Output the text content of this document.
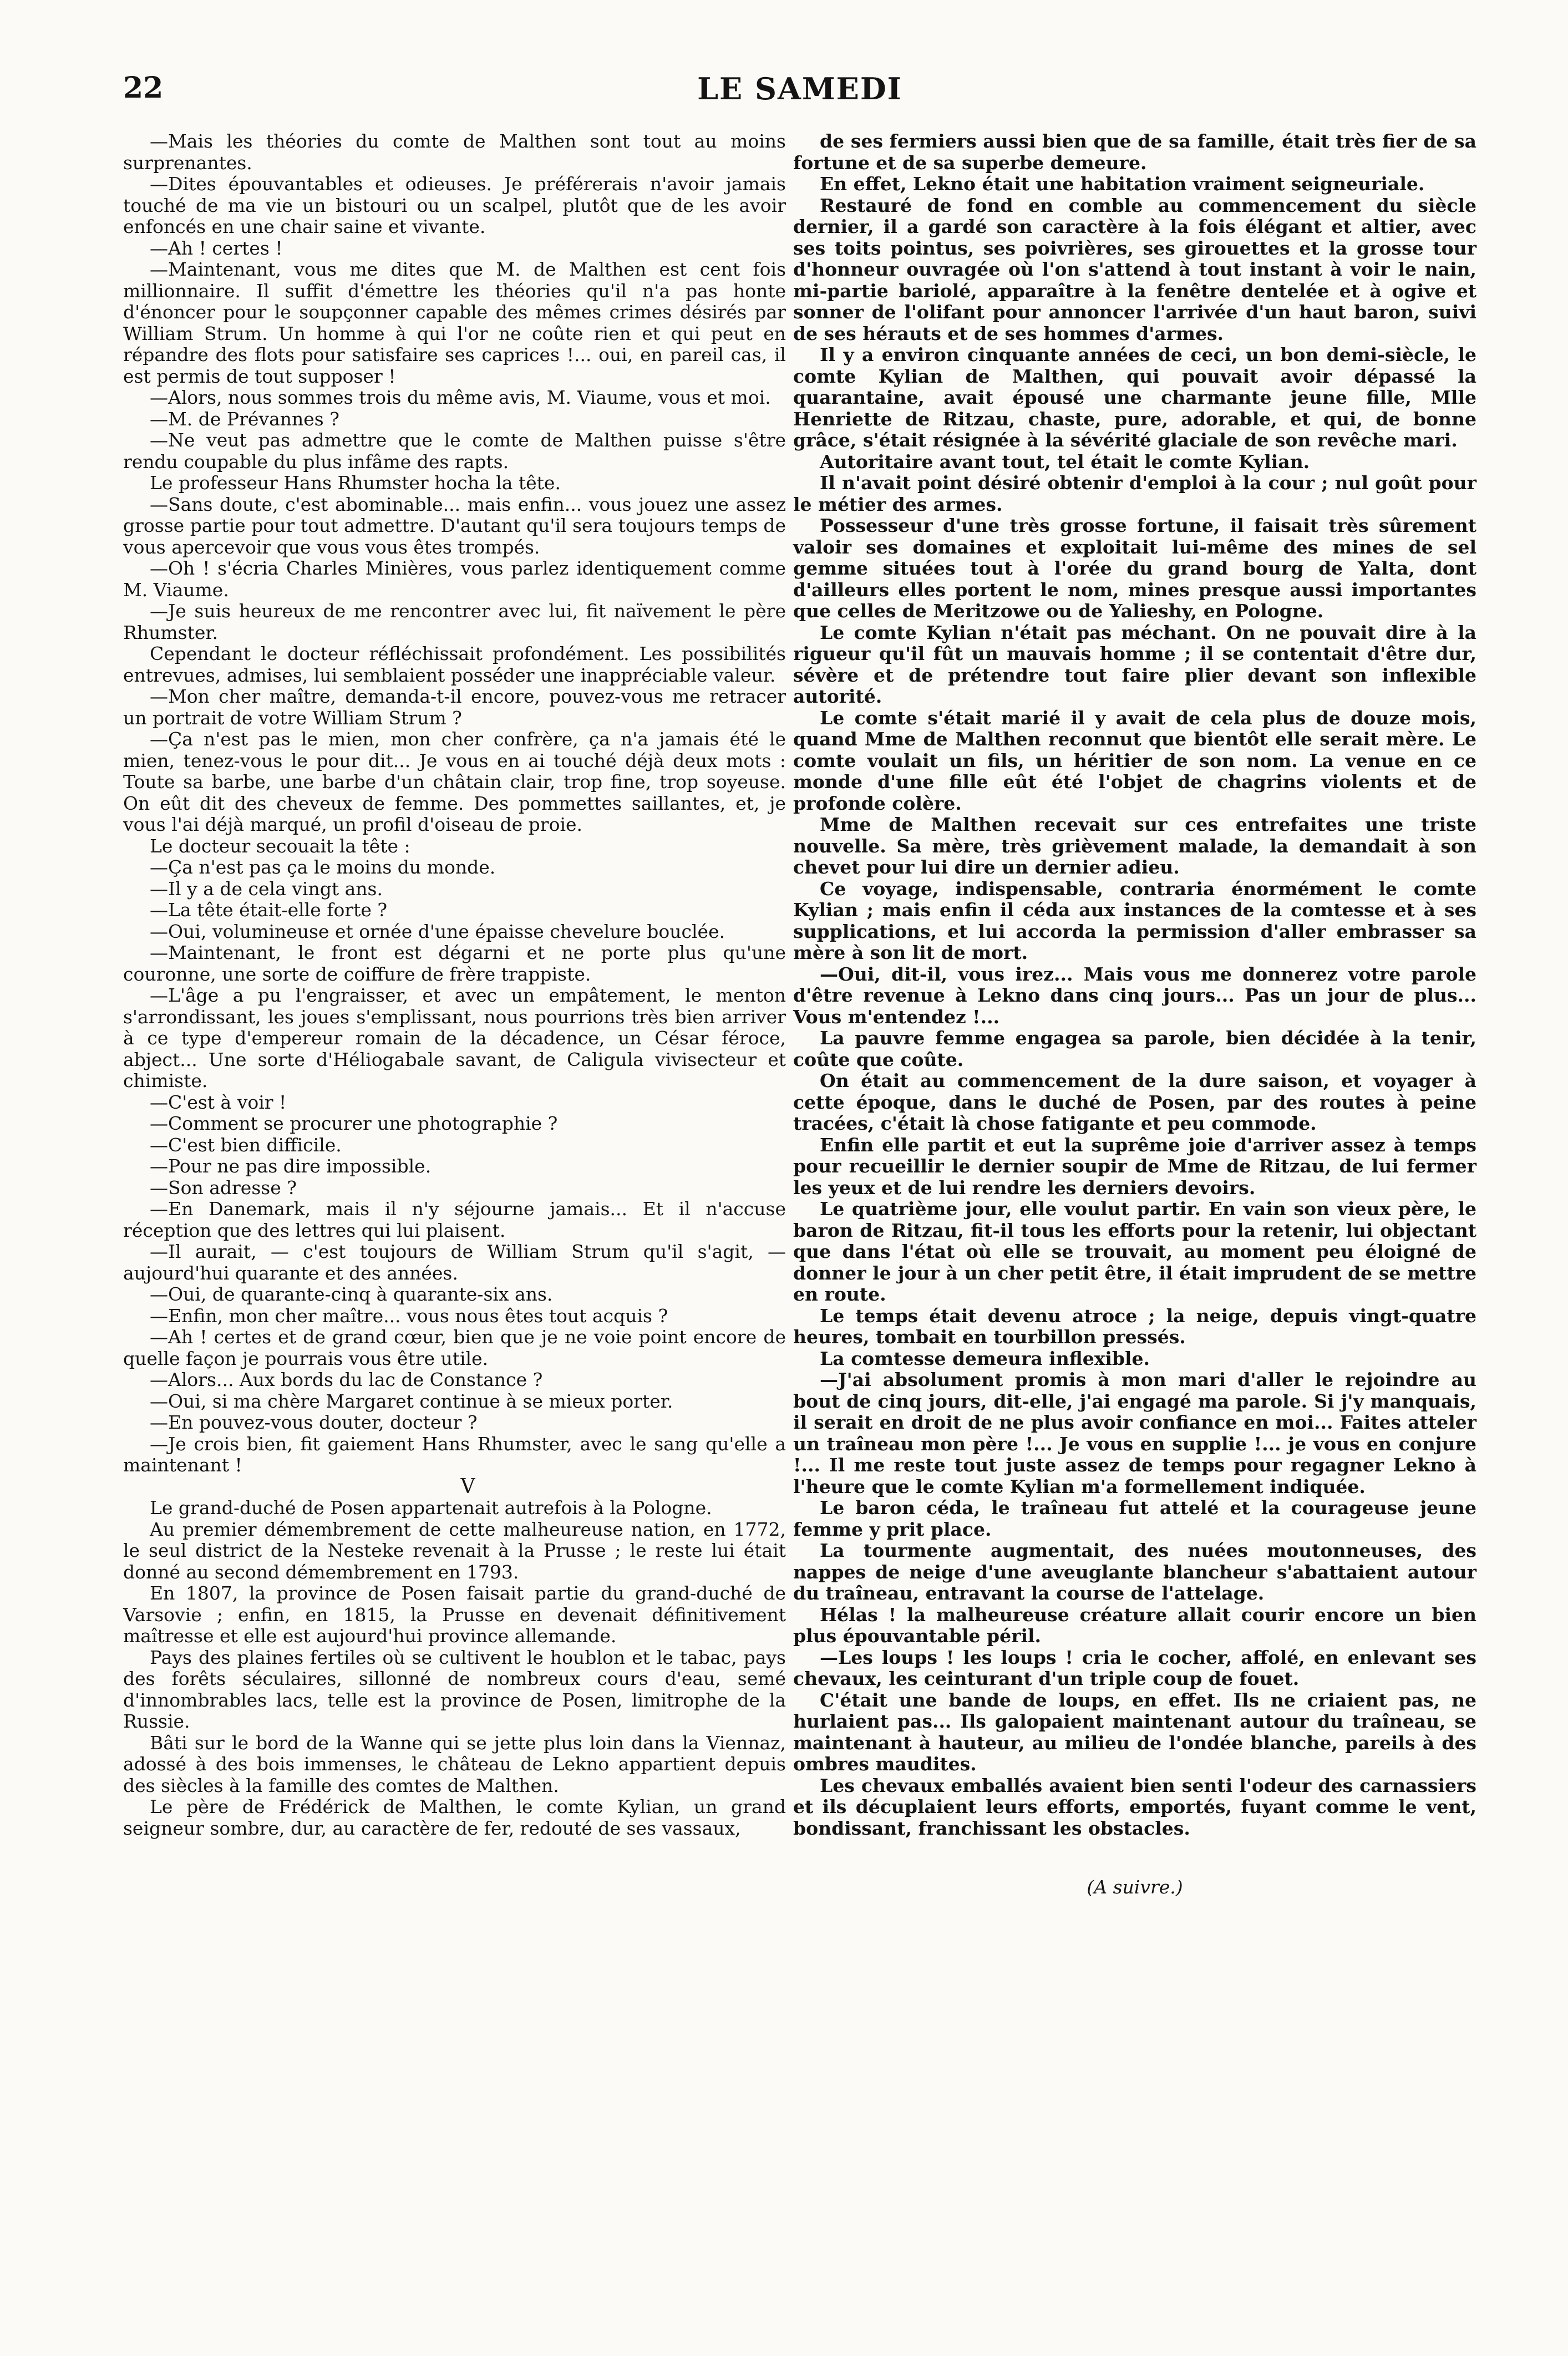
22	LE SAMEDI

—Mais les théories du comte de Malthen sont tout au moins surprenantes.

—Dites épouvantables et odieuses. Je préférerais n'avoir jamais touché de ma vie un bistouri ou un scalpel, plutôt que de les avoir enfoncés en une chair saine et vivante.

—Ah ! certes !

—Maintenant, vous me dites que M. de Malthen est cent fois millionnaire. Il suffit d'émettre les théories qu'il n'a pas honte d'énoncer pour le soupçonner capable des mêmes crimes désirés par William Strum. Un homme à qui l'or ne coûte rien et qui peut en répandre des flots pour satisfaire ses caprices !... oui, en pareil cas, il est permis de tout supposer !

—Alors, nous sommes trois du même avis, M. Viaume, vous et moi.

—M. de Prévannes ?

—Ne veut pas admettre que le comte de Malthen puisse s'être rendu coupable du plus infâme des rapts.

Le professeur Hans Rhumster hocha la tête.

—Sans doute, c'est abominable... mais enfin... vous jouez une assez grosse partie pour tout admettre. D'autant qu'il sera toujours temps de vous apercevoir que vous vous êtes trompés.

—Oh ! s'écria Charles Minières, vous parlez identiquement comme M. Viaume.

—Je suis heureux de me rencontrer avec lui, fit naïvement le père Rhumster.

Cependant le docteur réfléchissait profondément. Les possibilités entrevues, admises, lui semblaient posséder une inappréciable valeur.

—Mon cher maître, demanda-t-il encore, pouvez-vous me retracer un portrait de votre William Strum ?

—Ça n'est pas le mien, mon cher confrère, ça n'a jamais été le mien, tenez-vous le pour dit... Je vous en ai touché déjà deux mots : Toute sa barbe, une barbe d'un châtain clair, trop fine, trop soyeuse. On eût dit des cheveux de femme. Des pommettes saillantes, et, je vous l'ai déjà marqué, un profil d'oiseau de proie.

Le docteur secouait la tête :

—Ça n'est pas ça le moins du monde.

—Il y a de cela vingt ans.

—La tête était-elle forte ?

—Oui, volumineuse et ornée d'une épaisse chevelure bouclée.

—Maintenant, le front est dégarni et ne porte plus qu'une couronne, une sorte de coiffure de frère trappiste.

—L'âge a pu l'engraisser, et avec un empâtement, le menton s'arrondissant, les joues s'emplissant, nous pourrions très bien arriver à ce type d'empereur romain de la décadence, un César féroce, abject... Une sorte d'Héliogabale savant, de Caligula vivisecteur et chimiste.

—C'est à voir !

—Comment se procurer une photographie ?

—C'est bien difficile.

—Pour ne pas dire impossible.

—Son adresse ?

—En Danemark, mais il n'y séjourne jamais... Et il n'accuse réception que des lettres qui lui plaisent.

—Il aurait, — c'est toujours de William Strum qu'il s'agit, — aujourd'hui quarante et des années.

—Oui, de quarante-cinq à quarante-six ans.

—Enfin, mon cher maître... vous nous êtes tout acquis ?

—Ah ! certes et de grand cœur, bien que je ne voie point encore de quelle façon je pourrais vous être utile.

—Alors... Aux bords du lac de Constance ?

—Oui, si ma chère Margaret continue à se mieux porter.

—En pouvez-vous douter, docteur ?

—Je crois bien, fit gaiement Hans Rhumster, avec le sang qu'elle a maintenant !

V

Le grand-duché de Posen appartenait autrefois à la Pologne.

Au premier démembrement de cette malheureuse nation, en 1772, le seul district de la Nesteke revenait à la Prusse ; le reste lui était donné au second démembrement en 1793.

En 1807, la province de Posen faisait partie du grand-duché de Varsovie ; enfin, en 1815, la Prusse en devenait définitivement maîtresse et elle est aujourd'hui province allemande.

Pays des plaines fertiles où se cultivent le houblon et le tabac, pays des forêts séculaires, sillonné de nombreux cours d'eau, semé d'innombrables lacs, telle est la province de Posen, limitrophe de la Russie.

Bâti sur le bord de la Wanne qui se jette plus loin dans la Viennaz, adossé à des bois immenses, le château de Lekno appartient depuis des siècles à la famille des comtes de Malthen.

Le père de Frédérick de Malthen, le comte Kylian, un grand seigneur sombre, dur, au caractère de fer, redouté de ses vassaux,

de ses fermiers aussi bien que de sa famille, était très fier de sa fortune et de sa superbe demeure.

En effet, Lekno était une habitation vraiment seigneuriale.

Restauré de fond en comble au commencement du siècle dernier, il a gardé son caractère à la fois élégant et altier, avec ses toits pointus, ses poivrières, ses girouettes et la grosse tour d'honneur ouvragée où l'on s'attend à tout instant à voir le nain, mi-partie bariolé, apparaître à la fenêtre dentelée et à ogive et sonner de l'olifant pour annoncer l'arrivée d'un haut baron, suivi de ses hérauts et de ses hommes d'armes.

Il y a environ cinquante années de ceci, un bon demi-siècle, le comte Kylian de Malthen, qui pouvait avoir dépassé la quarantaine, avait épousé une charmante jeune fille, Mlle Henriette de Ritzau, chaste, pure, adorable, et qui, de bonne grâce, s'était résignée à la sévérité glaciale de son revêche mari.

Autoritaire avant tout, tel était le comte Kylian.

Il n'avait point désiré obtenir d'emploi à la cour ; nul goût pour le métier des armes.

Possesseur d'une très grosse fortune, il faisait très sûrement valoir ses domaines et exploitait lui-même des mines de sel gemme situées tout à l'orée du grand bourg de Yalta, dont d'ailleurs elles portent le nom, mines presque aussi importantes que celles de Meritzowe ou de Yalieshy, en Pologne.

Le comte Kylian n'était pas méchant. On ne pouvait dire à la rigueur qu'il fût un mauvais homme ; il se contentait d'être dur, sévère et de prétendre tout faire plier devant son inflexible autorité.

Le comte s'était marié il y avait de cela plus de douze mois, quand Mme de Malthen reconnut que bientôt elle serait mère. Le comte voulait un fils, un héritier de son nom. La venue en ce monde d'une fille eût été l'objet de chagrins violents et de profonde colère.

Mme de Malthen recevait sur ces entrefaites une triste nouvelle. Sa mère, très grièvement malade, la demandait à son chevet pour lui dire un dernier adieu.

Ce voyage, indispensable, contraria énormément le comte Kylian ; mais enfin il céda aux instances de la comtesse et à ses supplications, et lui accorda la permission d'aller embrasser sa mère à son lit de mort.

—Oui, dit-il, vous irez... Mais vous me donnerez votre parole d'être revenue à Lekno dans cinq jours... Pas un jour de plus... Vous m'entendez !...

La pauvre femme engagea sa parole, bien décidée à la tenir, coûte que coûte.

On était au commencement de la dure saison, et voyager à cette époque, dans le duché de Posen, par des routes à peine tracées, c'était là chose fatigante et peu commode.

Enfin elle partit et eut la suprême joie d'arriver assez à temps pour recueillir le dernier soupir de Mme de Ritzau, de lui fermer les yeux et de lui rendre les derniers devoirs.

Le quatrième jour, elle voulut partir. En vain son vieux père, le baron de Ritzau, fit-il tous les efforts pour la retenir, lui objectant que dans l'état où elle se trouvait, au moment peu éloigné de donner le jour à un cher petit être, il était imprudent de se mettre en route.

Le temps était devenu atroce ; la neige, depuis vingt-quatre heures, tombait en tourbillon pressés.

La comtesse demeura inflexible.

—J'ai absolument promis à mon mari d'aller le rejoindre au bout de cinq jours, dit-elle, j'ai engagé ma parole. Si j'y manquais, il serait en droit de ne plus avoir confiance en moi... Faites atteler un traîneau mon père !... Je vous en supplie !... je vous en conjure !... Il me reste tout juste assez de temps pour regagner Lekno à l'heure que le comte Kylian m'a formellement indiquée.

Le baron céda, le traîneau fut attelé et la courageuse jeune femme y prit place.

La tourmente augmentait, des nuées moutonneuses, des nappes de neige d'une aveuglante blancheur s'abattaient autour du traîneau, entravant la course de l'attelage.

Hélas ! la malheureuse créature allait courir encore un bien plus épouvantable péril.

—Les loups ! les loups ! cria le cocher, affolé, en enlevant ses chevaux, les ceinturant d'un triple coup de fouet.

C'était une bande de loups, en effet. Ils ne criaient pas, ne hurlaient pas... Ils galopaient maintenant autour du traîneau, se maintenant à hauteur, au milieu de l'ondée blanche, pareils à des ombres maudites.

Les chevaux emballés avaient bien senti l'odeur des carnassiers et ils décuplaient leurs efforts, emportés, fuyant comme le vent, bondissant, franchissant les obstacles.

(A suivre.)
